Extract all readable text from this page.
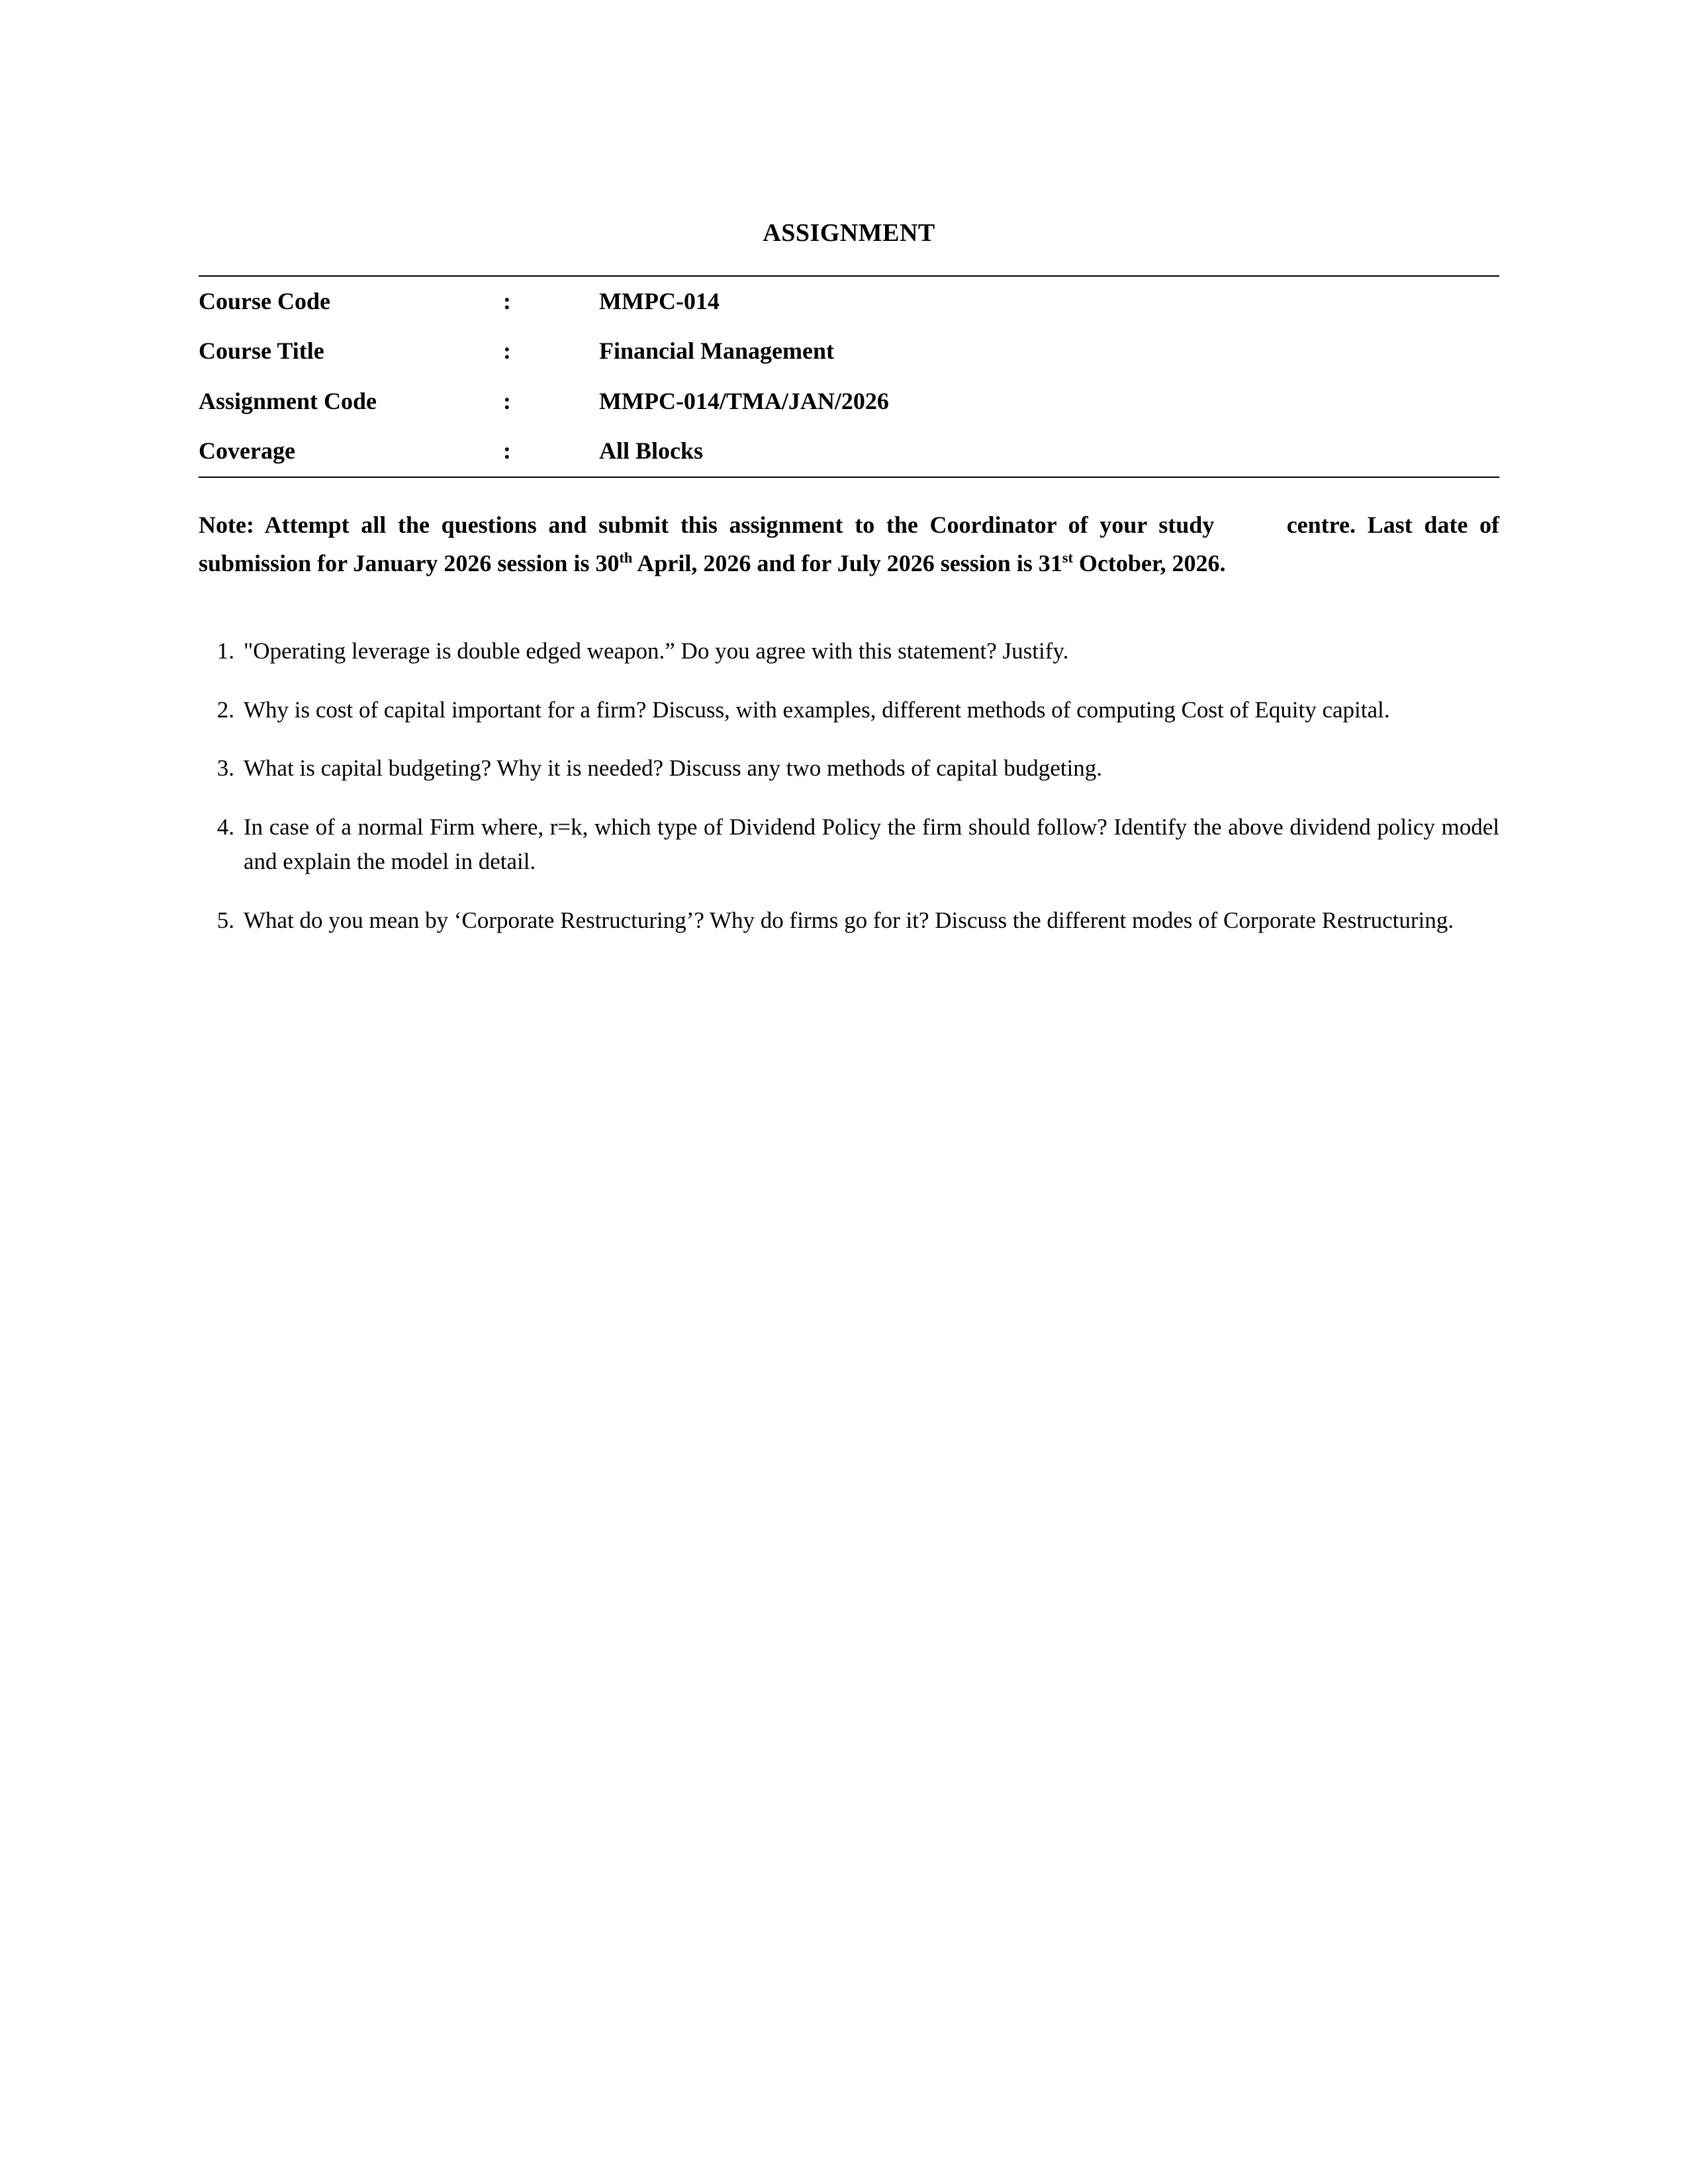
ASSIGNMENT
Course Code	:	MMPC-014
Course Title	:	Financial Management
Assignment Code	:	MMPC-014/TMA/JAN/2026
Coverage	:	All Blocks
Note: Attempt all the questions and submit this assignment to the Coordinator of your study	centre. Last date of submission for January 2026 session is 30th April, 2026 and for July 2026 session is 31st October, 2026.
1. "Operating leverage is double edged weapon.” Do you agree with this statement? Justify.
2. Why is cost of capital important for a firm? Discuss, with examples, different methods of computing Cost of Equity capital.
3. What is capital budgeting? Why it is needed? Discuss any two methods of capital budgeting.
4. In case of a normal Firm where, r=k, which type of Dividend Policy the firm should follow? Identify the above dividend policy model and explain the model in detail.
5. What do you mean by ‘Corporate Restructuring’? Why do firms go for it? Discuss the different modes of Corporate Restructuring.
